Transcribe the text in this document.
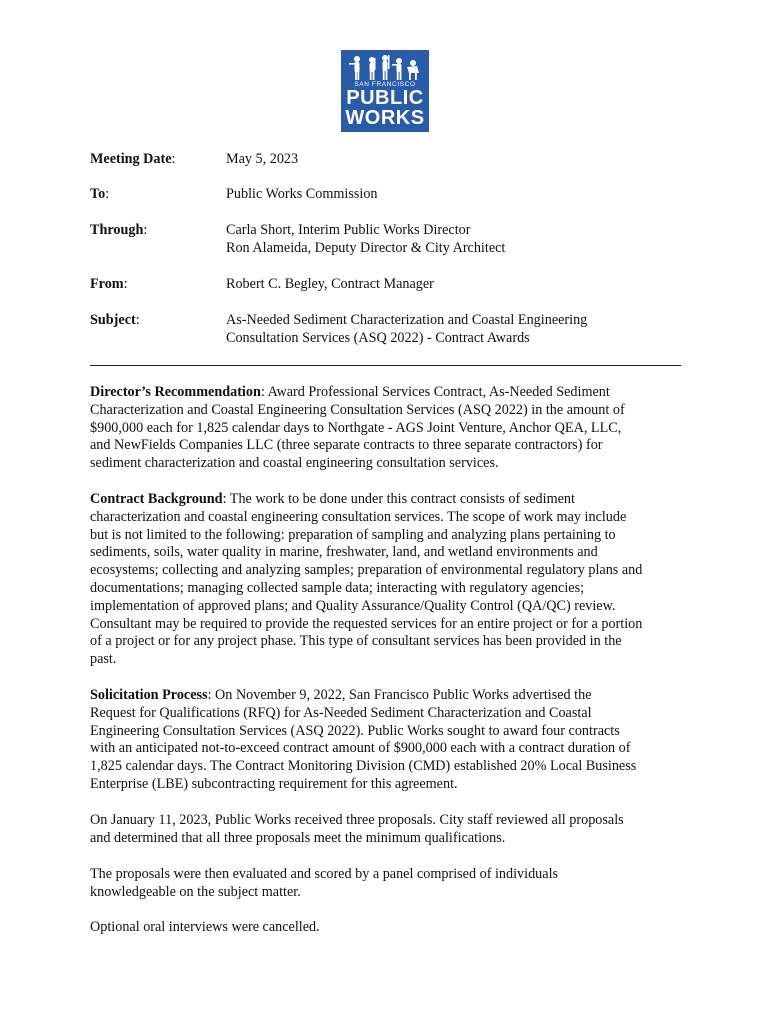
SAN FRANCISCO
PUBLIC
WORKS
Meeting Date:	May 5, 2023
To:	Public Works Commission
Through:	Carla Short, Interim Public Works Director
Ron Alameida, Deputy Director & City Architect
From:	Robert C. Begley, Contract Manager
Subject:	As-Needed Sediment Characterization and Coastal Engineering
Consultation Services (ASQ 2022) - Contract Awards
Director’s Recommendation: Award Professional Services Contract, As-Needed Sediment
Characterization and Coastal Engineering Consultation Services (ASQ 2022) in the amount of
$900,000 each for 1,825 calendar days to Northgate - AGS Joint Venture, Anchor QEA, LLC,
and NewFields Companies LLC (three separate contracts to three separate contractors) for
sediment characterization and coastal engineering consultation services.
Contract Background: The work to be done under this contract consists of sediment
characterization and coastal engineering consultation services. The scope of work may include
but is not limited to the following: preparation of sampling and analyzing plans pertaining to
sediments, soils, water quality in marine, freshwater, land, and wetland environments and
ecosystems; collecting and analyzing samples; preparation of environmental regulatory plans and
documentations; managing collected sample data; interacting with regulatory agencies;
implementation of approved plans; and Quality Assurance/Quality Control (QA/QC) review.
Consultant may be required to provide the requested services for an entire project or for a portion
of a project or for any project phase. This type of consultant services has been provided in the
past.
Solicitation Process: On November 9, 2022, San Francisco Public Works advertised the
Request for Qualifications (RFQ) for As-Needed Sediment Characterization and Coastal
Engineering Consultation Services (ASQ 2022). Public Works sought to award four contracts
with an anticipated not-to-exceed contract amount of $900,000 each with a contract duration of
1,825 calendar days. The Contract Monitoring Division (CMD) established 20% Local Business
Enterprise (LBE) subcontracting requirement for this agreement.
On January 11, 2023, Public Works received three proposals. City staff reviewed all proposals
and determined that all three proposals meet the minimum qualifications.
The proposals were then evaluated and scored by a panel comprised of individuals
knowledgeable on the subject matter.
Optional oral interviews were cancelled.
